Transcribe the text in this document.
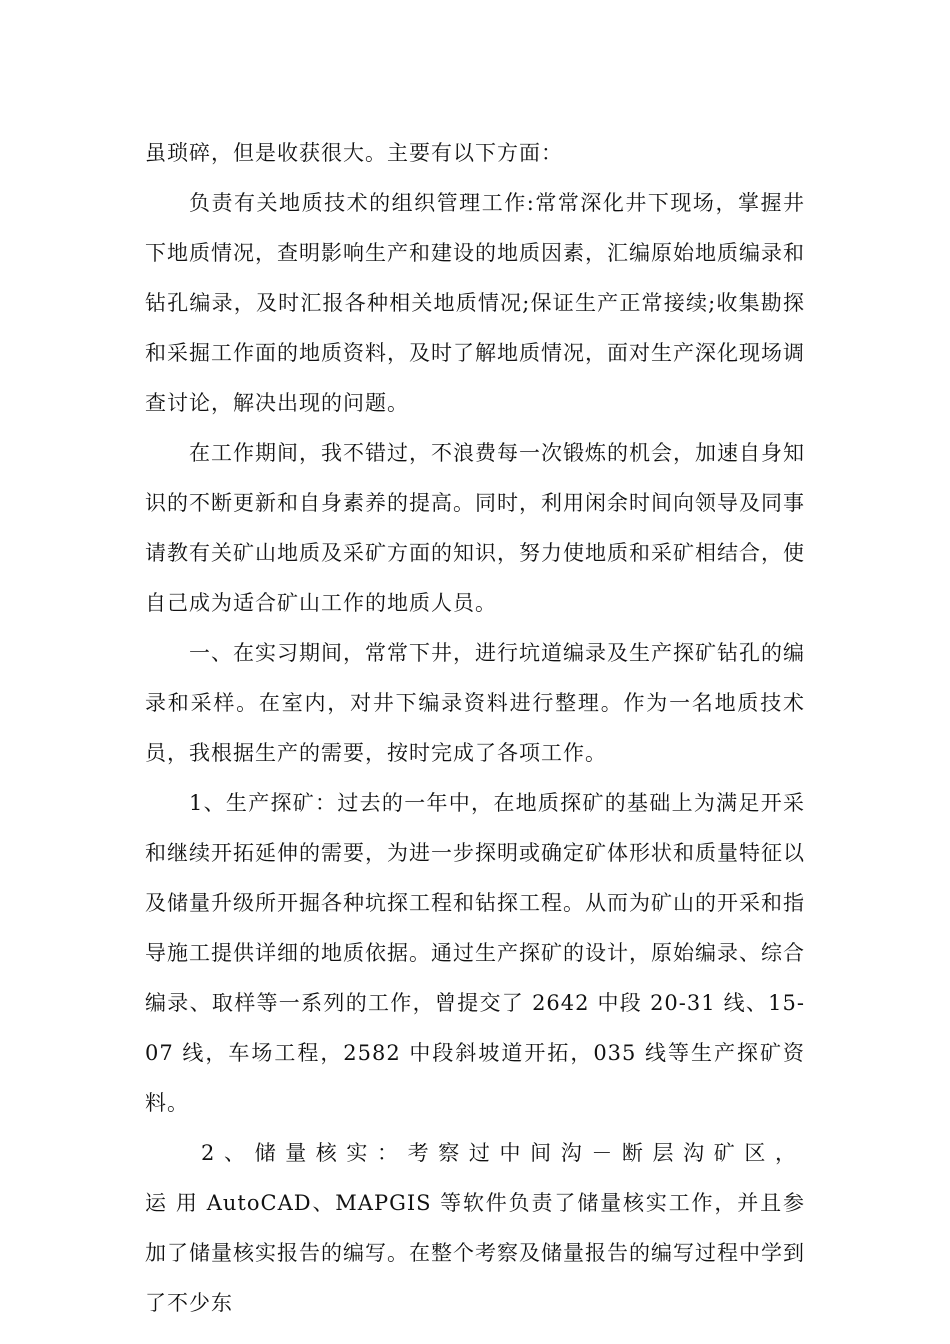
虽琐碎，但是收获很大。主要有以下方面：

负责有关地质技术的组织管理工作:常常深化井下现场，掌握井下地质情况，查明影响生产和建设的地质因素，汇编原始地质编录和钻孔编录，及时汇报各种相关地质情况;保证生产正常接续;收集勘探和采掘工作面的地质资料，及时了解地质情况，面对生产深化现场调查讨论，解决出现的问题。

在工作期间，我不错过，不浪费每一次锻炼的机会，加速自身知识的不断更新和自身素养的提高。同时，利用闲余时间向领导及同事请教有关矿山地质及采矿方面的知识，努力使地质和采矿相结合，使自己成为适合矿山工作的地质人员。

一、在实习期间，常常下井，进行坑道编录及生产探矿钻孔的编录和采样。在室内，对井下编录资料进行整理。作为一名地质技术员，我根据生产的需要，按时完成了各项工作。

1、生产探矿：过去的一年中，在地质探矿的基础上为满足开采和继续开拓延伸的需要，为进一步探明或确定矿体形状和质量特征以及储量升级所开掘各种坑探工程和钻探工程。从而为矿山的开采和指导施工提供详细的地质依据。通过生产探矿的设计，原始编录、综合编录、取样等一系列的工作，曾提交了 2642 中段 20-31 线、15-07 线，车场工程，2582 中段斜坡道开拓，035 线等生产探矿资料。

2、储量核实：考察过中间沟－断层沟矿区，运用AutoCAD、MAPGIS 等软件负责了储量核实工作，并且参加了储量核实报告的编写。在整个考察及储量报告的编写过程中学到了不少东
